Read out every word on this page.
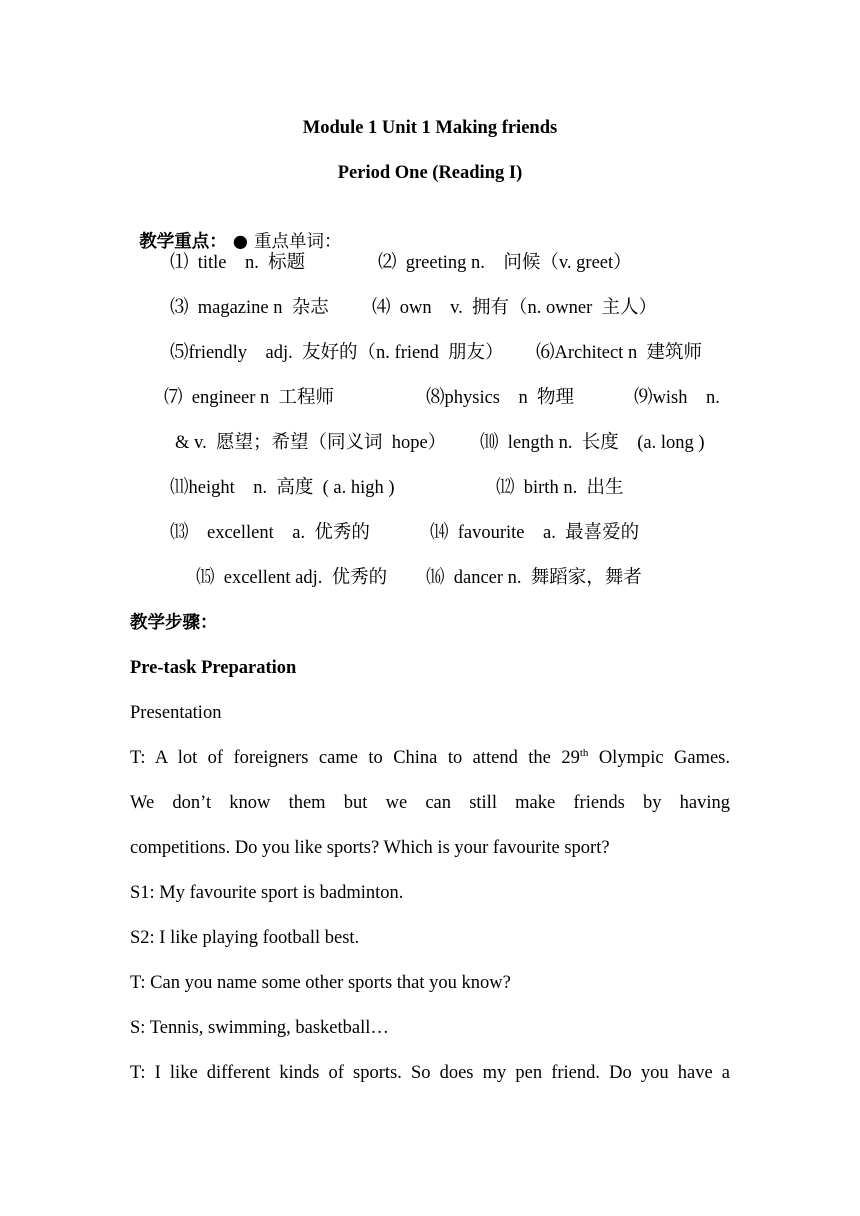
Module 1 Unit 1 Making friends
Period One (Reading I)

教学重点： ● 重点单词：

⑴  title    n.  标题	⑵  greeting n.    问候（v. greet）
⑶  magazine n  杂志 ⑷  own    v.  拥有（n. owner  主人）
⑸friendly    adj.  友好的（n. friend  朋友） ⑹Architect n  建筑师
⑺  engineer n  工程师	⑻physics    n  物理	⑼wish    n.
& v.  愿望；希望（同义词  hope） ⑽  length n.  长度    (a. long )
⑾height    n.  高度  ( a. high )	⑿  birth n.  出生
⒀    excellent    a.  优秀的	⒁  favourite    a.  最喜爱的
⒂  excellent adj.  优秀的 ⒃  dancer n.  舞蹈家，舞者
教学步骤：
Pre-task Preparation
Presentation
T: A lot of foreigners came to China to attend the 29th Olympic Games.
We don’t know them but we can still make friends by having
competitions. Do you like sports? Which is your favourite sport?
S1: My favourite sport is badminton.
S2: I like playing football best.
T: Can you name some other sports that you know?
S: Tennis, swimming, basketball…
T: I like different kinds of sports. So does my pen friend. Do you have a
